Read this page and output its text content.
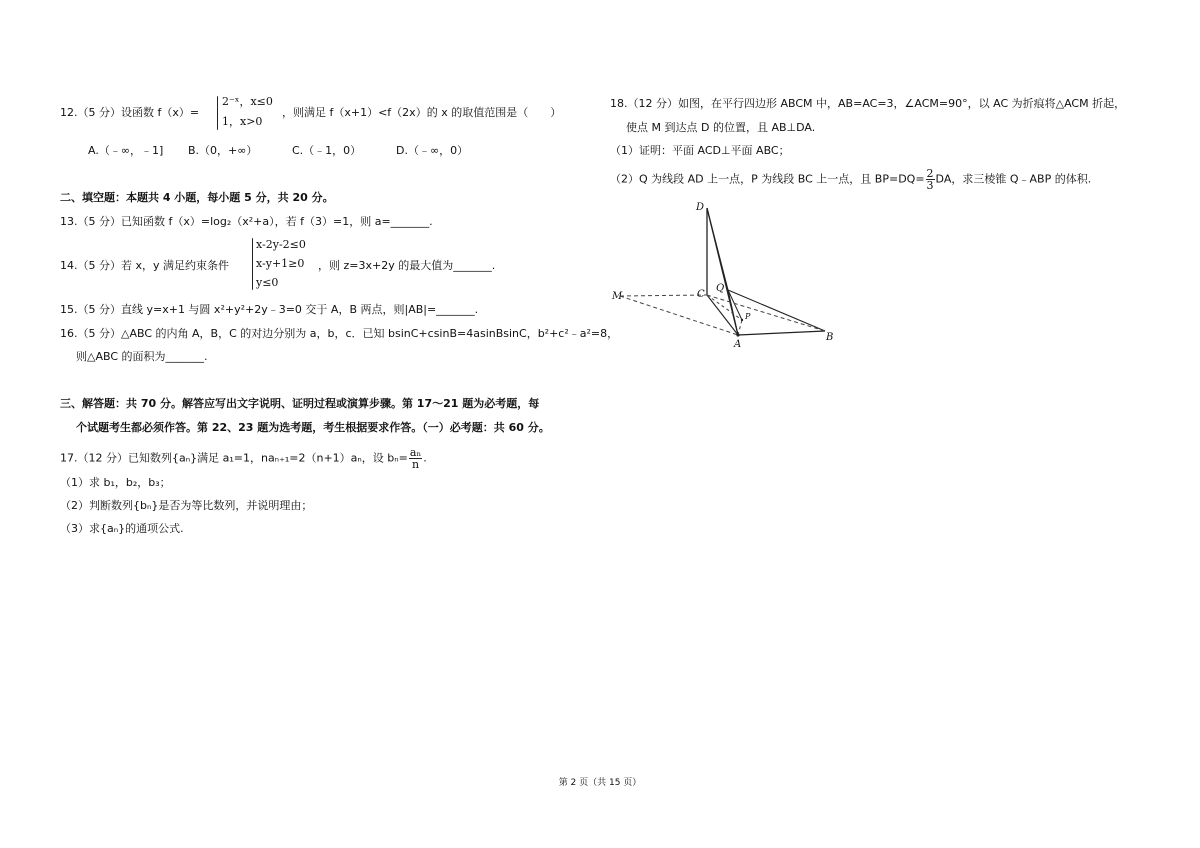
12.（5 分）设函数 f（x）=
2⁻ˣ，x≤0
1，x>0
，则满足 f（x+1）<f（2x）的 x 的取值范围是（　　）
A.（﹣∞，﹣1] B.（0，+∞）	C.（﹣1，0）	D.（﹣∞，0）
二、填空题：本题共 4 小题，每小题 5 分，共 20 分。
13.（5 分）已知函数 f（x）=log₂（x²+a），若 f（3）=1，则 a=_______.
14.（5 分）若 x，y 满足约束条件
x-2y-2≤0
x-y+1≥0
y≤0
，则 z=3x+2y 的最大值为_______.
15.（5 分）直线 y=x+1 与圆 x²+y²+2y﹣3=0 交于 A，B 两点，则|AB|=_______.
16.（5 分）△ABC 的内角 A，B，C 的对边分别为 a，b，c．已知 bsinC+csinB=4asinBsinC，b²+c²﹣a²=8，
则△ABC 的面积为_______.
三、解答题：共 70 分。解答应写出文字说明、证明过程或演算步骤。第 17～21 题为必考题，每
个试题考生都必须作答。第 22、23 题为选考题，考生根据要求作答。（一）必考题：共 60 分。
17.（12 分）已知数列{aₙ}满足 a₁=1，naₙ₊₁=2（n+1）aₙ，设 $b_n= \frac{\text{aₙ}}{n}$ .
（1）求 b₁，b₂，b₃；
（2）判断数列{bₙ}是否为等比数列，并说明理由；
（3）求{aₙ}的通项公式.
18.（12 分）如图，在平行四边形 ABCM 中，AB=AC=3，∠ACM=90°，以 AC 为折痕将△ACM 折起，
使点 M 到达点 D 的位置，且 AB⊥DA.
（1）证明：平面 ACD⊥平面 ABC；
（2）Q 为线段 AD 上一点，P 为线段 BC 上一点，且 $BP=DQ= \frac{2}{3}$ DA，求三棱锥 Q﹣ABP 的体积.
D
M	C
Q
P
A
B
第 2 页（共 15 页）
